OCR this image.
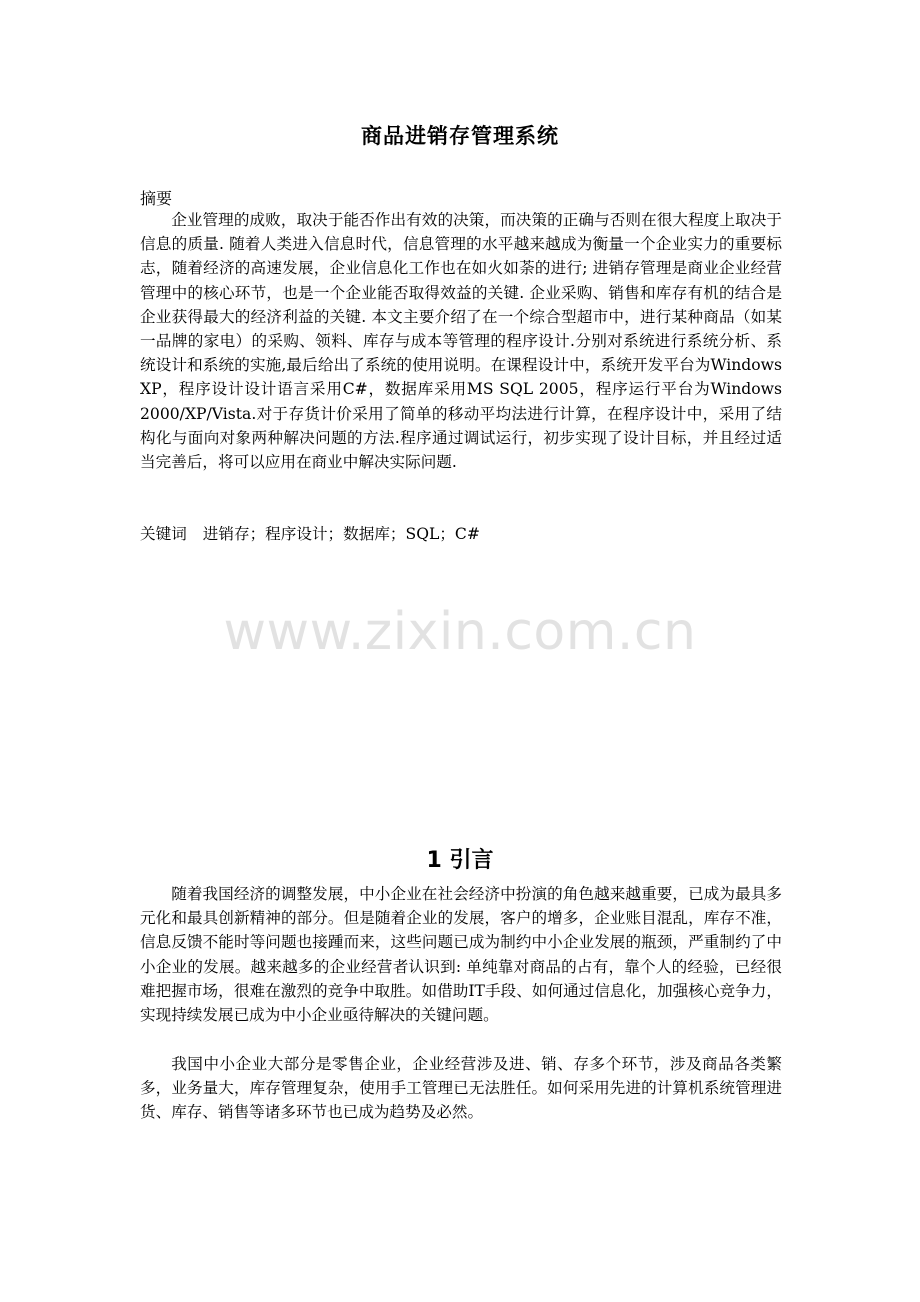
商品进销存管理系统
摘要
企业管理的成败，取决于能否作出有效的决策，而决策的正确与否则在很大程度上取决于信息的质量. 随着人类进入信息时代，信息管理的水平越来越成为衡量一个企业实力的重要标志，随着经济的高速发展，企业信息化工作也在如火如荼的进行; 进销存管理是商业企业经营管理中的核心环节，也是一个企业能否取得效益的关键. 企业采购、销售和库存有机的结合是企业获得最大的经济利益的关键. 本文主要介绍了在一个综合型超市中，进行某种商品（如某一品牌的家电）的采购、领料、库存与成本等管理的程序设计.分别对系统进行系统分析、系统设计和系统的实施,最后给出了系统的使用说明。在课程设计中，系统开发平台为Windows XP，程序设计设计语言采用C#，数据库采用MS SQL 2005，程序运行平台为Windows 2000/XP/Vista.对于存货计价采用了简单的移动平均法进行计算，在程序设计中，采用了结构化与面向对象两种解决问题的方法.程序通过调试运行，初步实现了设计目标，并且经过适当完善后，将可以应用在商业中解决实际问题.
关键词 进销存；程序设计；数据库；SQL；C#
www.zixin.com.cn
1 引言
随着我国经济的调整发展，中小企业在社会经济中扮演的角色越来越重要，已成为最具多元化和最具创新精神的部分。但是随着企业的发展，客户的增多，企业账目混乱，库存不准，信息反馈不能时等问题也接踵而来，这些问题已成为制约中小企业发展的瓶颈，严重制约了中小企业的发展。越来越多的企业经营者认识到: 单纯靠对商品的占有，靠个人的经验，已经很难把握市场，很难在激烈的竞争中取胜。如借助IT手段、如何通过信息化，加强核心竞争力，实现持续发展已成为中小企业亟待解决的关键问题。
我国中小企业大部分是零售企业，企业经营涉及进、销、存多个环节，涉及商品各类繁多，业务量大，库存管理复杂，使用手工管理已无法胜任。如何采用先进的计算机系统管理进货、库存、销售等诸多环节也已成为趋势及必然。
